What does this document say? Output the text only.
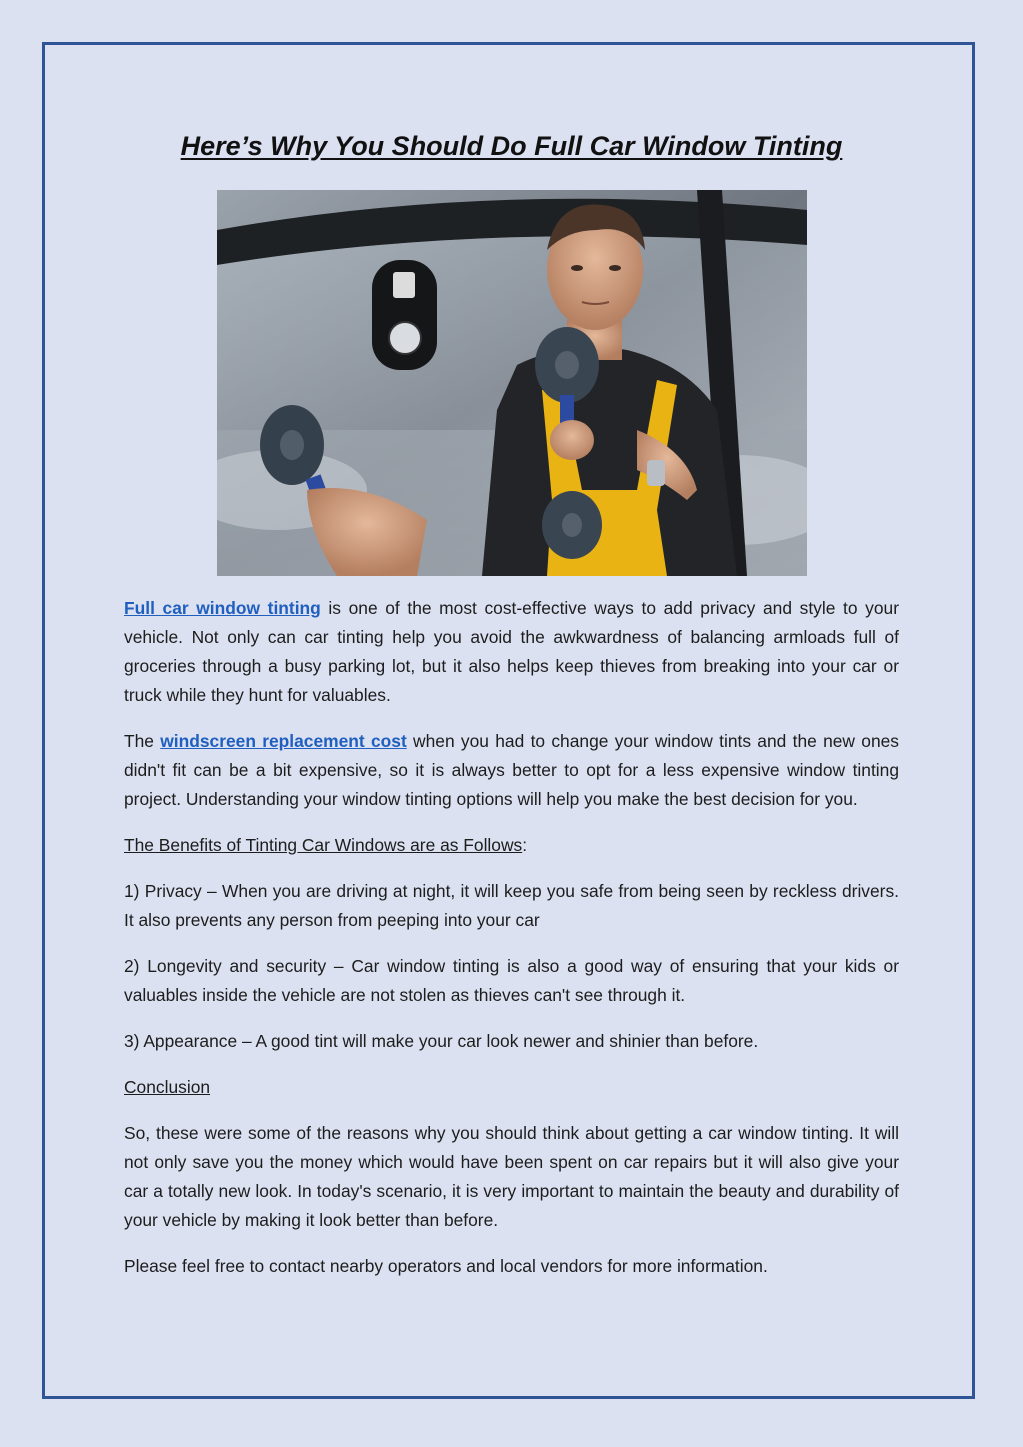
Here’s Why You Should Do Full Car Window Tinting

Full car window tinting is one of the most cost-effective ways to add privacy and style to your vehicle. Not only can car tinting help you avoid the awkwardness of balancing armloads full of groceries through a busy parking lot, but it also helps keep thieves from breaking into your car or truck while they hunt for valuables.

The windscreen replacement cost when you had to change your window tints and the new ones didn't fit can be a bit expensive, so it is always better to opt for a less expensive window tinting project. Understanding your window tinting options will help you make the best decision for you.

The Benefits of Tinting Car Windows are as Follows:

1) Privacy – When you are driving at night, it will keep you safe from being seen by reckless drivers. It also prevents any person from peeping into your car

2) Longevity and security – Car window tinting is also a good way of ensuring that your kids or valuables inside the vehicle are not stolen as thieves can't see through it.

3) Appearance – A good tint will make your car look newer and shinier than before.

Conclusion

So, these were some of the reasons why you should think about getting a car window tinting. It will not only save you the money which would have been spent on car repairs but it will also give your car a totally new look. In today's scenario, it is very important to maintain the beauty and durability of your vehicle by making it look better than before.

Please feel free to contact nearby operators and local vendors for more information.
